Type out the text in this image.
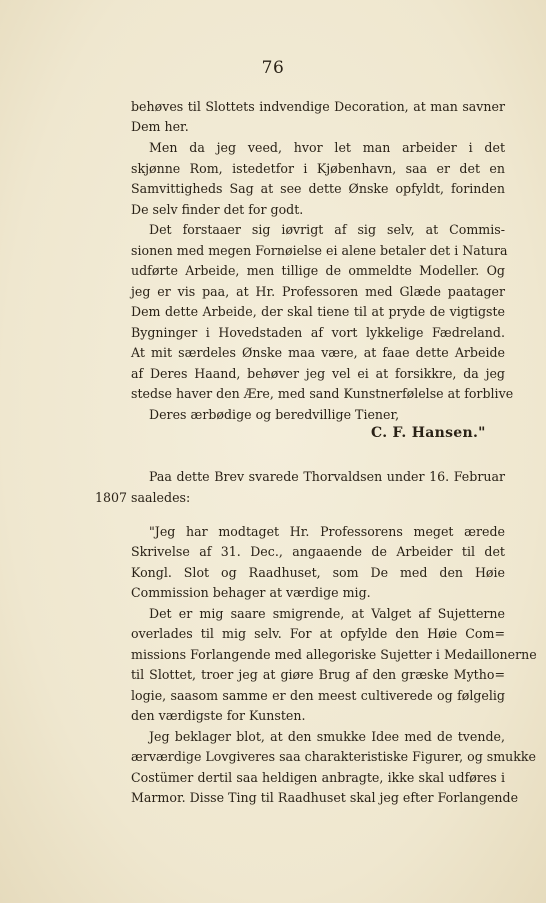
76
behøves til Slottets indvendige Decoration, at man savner
Dem her.
Men da jeg veed, hvor let man arbeider i det
skjønne Rom, istedetfor i Kjøbenhavn, saa er det en
Samvittigheds Sag at see dette Ønske opfyldt, forinden
De selv finder det for godt.
Det forstaaer sig iøvrigt af sig selv, at Commis-
sionen med megen Fornøielse ei alene betaler det i Natura
udførte Arbeide, men tillige de ommeldte Modeller. Og
jeg er vis paa, at Hr. Professoren med Glæde paatager
Dem dette Arbeide, der skal tiene til at pryde de vigtigste
Bygninger i Hovedstaden af vort lykkelige Fædreland.
At mit særdeles Ønske maa være, at faae dette Arbeide
af Deres Haand, behøver jeg vel ei at forsikkre, da jeg
stedse haver den Ære, med sand Kunstnerfølelse at forblive
Deres ærbødige og beredvillige Tiener,
C. F. Hansen."
Paa dette Brev svarede Thorvaldsen under 16. Februar
1807 saaledes:
"Jeg har modtaget Hr. Professorens meget ærede
Skrivelse af 31. Dec., angaaende de Arbeider til det
Kongl. Slot og Raadhuset, som De med den Høie
Commission behager at værdige mig.
Det er mig saare smigrende, at Valget af Sujetterne
overlades til mig selv. For at opfylde den Høie Com=
missions Forlangende med allegoriske Sujetter i Medaillonerne
til Slottet, troer jeg at giøre Brug af den græske Mytho=
logie, saasom samme er den meest cultiverede og følgelig
den værdigste for Kunsten.
Jeg beklager blot, at den smukke Idee med de tvende,
ærværdige Lovgiveres saa charakteristiske Figurer, og smukke
Costümer dertil saa heldigen anbragte, ikke skal udføres i
Marmor. Disse Ting til Raadhuset skal jeg efter Forlangende
